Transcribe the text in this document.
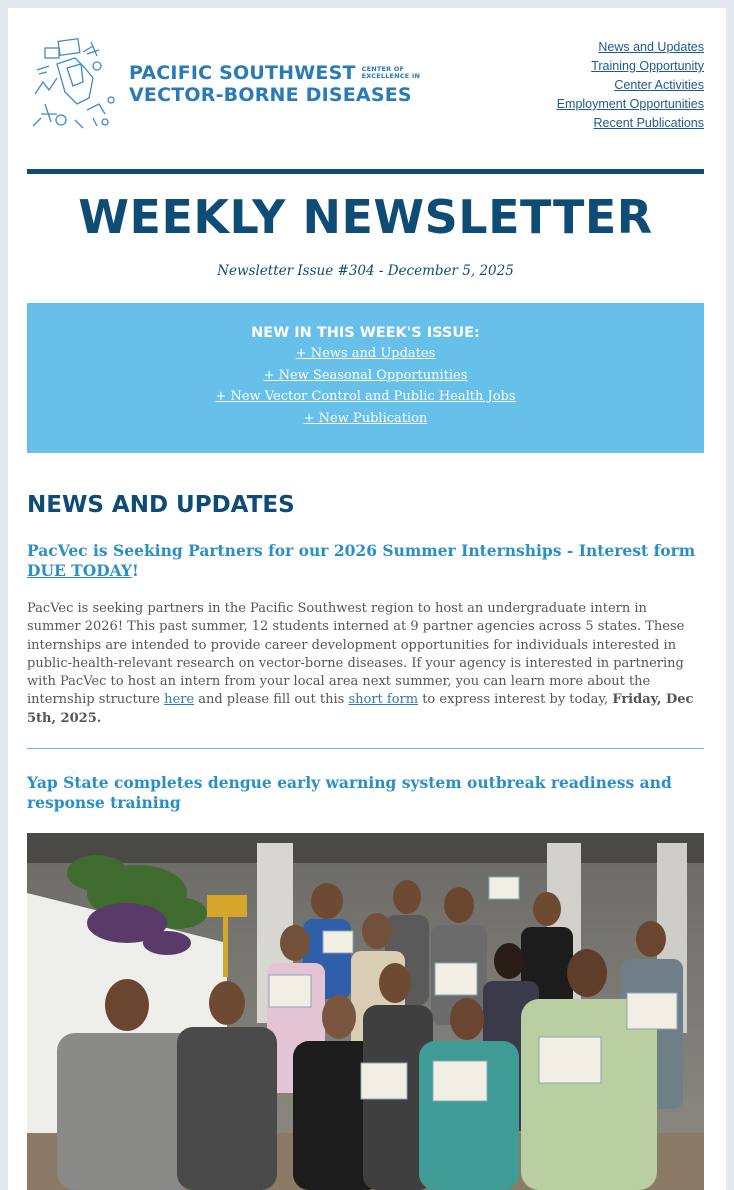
PACIFIC SOUTHWEST CENTER OF
EXCELLENCE IN
VECTOR-BORNE DISEASES
News and Updates
Training Opportunity
Center Activities
Employment Opportunities
Recent Publications
WEEKLY NEWSLETTER
Newsletter Issue #304 - December 5, 2025
NEW IN THIS WEEK'S ISSUE:
+ News and Updates
+ New Seasonal Opportunities
+ New Vector Control and Public Health Jobs
+ New Publication
NEWS AND UPDATES
PacVec is Seeking Partners for our 2026 Summer Internships - Interest form DUE TODAY!
PacVec is seeking partners in the Pacific Southwest region to host an undergraduate intern in summer 2026! This past summer, 12 students interned at 9 partner agencies across 5 states. These internships are intended to provide career development opportunities for individuals interested in public-health-relevant research on vector-borne diseases. If your agency is interested in partnering with PacVec to host an intern from your local area next summer, you can learn more about the internship structure here and please fill out this short form to express interest by today, Friday, Dec 5th, 2025.
Yap State completes dengue early warning system outbreak readiness and response training
